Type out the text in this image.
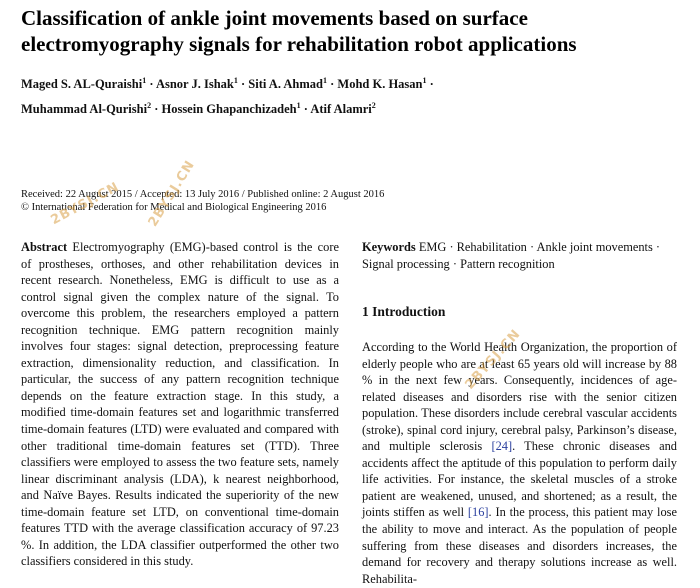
Classification of ankle joint movements based on surface electromyography signals for rehabilitation robot applications
Maged S. AL-Quraishi$^1$ · Asnor J. Ishak$^1$ · Siti A. Ahmad$^1$ · Mohd K. Hasan$^1$ ·
Muhammad Al-Qurishi$^2$ · Hossein Ghapanchizadeh$^1$ · Atif Alamri$^2$
Received: 22 August 2015 / Accepted: 13 July 2016 / Published online: 2 August 2016
© International Federation for Medical and Biological Engineering 2016
Abstract Electromyography (EMG)-based control is the core of prostheses, orthoses, and other rehabilitation devices in recent research. Nonetheless, EMG is difficult to use as a control signal given the complex nature of the signal. To overcome this problem, the researchers employed a pattern recognition technique. EMG pattern recognition mainly involves four stages: signal detection, preprocessing feature extraction, dimensionality reduction, and classification. In particular, the success of any pattern recognition technique depends on the feature extraction stage. In this study, a modified time-domain features set and logarithmic transferred time-domain features (LTD) were evaluated and compared with other traditional time-domain features set (TTD). Three classifiers were employed to assess the two feature sets, namely linear discriminant analysis (LDA), k nearest neighborhood, and Naïve Bayes. Results indicated the superiority of the new time-domain feature set LTD, on conventional time-domain features TTD with the average classification accuracy of 97.23 %. In addition, the LDA classifier outperformed the other two classifiers considered in this study.
Keywords EMG · Rehabilitation · Ankle joint movements · Signal processing · Pattern recognition
1 Introduction
According to the World Health Organization, the proportion of elderly people who are at least 65 years old will increase by 88 % in the next few years. Consequently, incidences of age-related diseases and disorders rise with the senior citizen population. These disorders include cerebral vascular accidents (stroke), spinal cord injury, cerebral palsy, Parkinson’s disease, and multiple sclerosis [24]. These chronic diseases and accidents affect the aptitude of this population to perform daily life activities. For instance, the skeletal muscles of a stroke patient are weakened, unused, and shortened; as a result, the joints stiffen as well [16]. In the process, this patient may lose the ability to move and interact. As the population of people suffering from these diseases and disorders increases, the demand for recovery and therapy solutions increase as well. Rehabilita-
2BYSJ.CN 2BYSJ.CN
2BYSJ.CN
